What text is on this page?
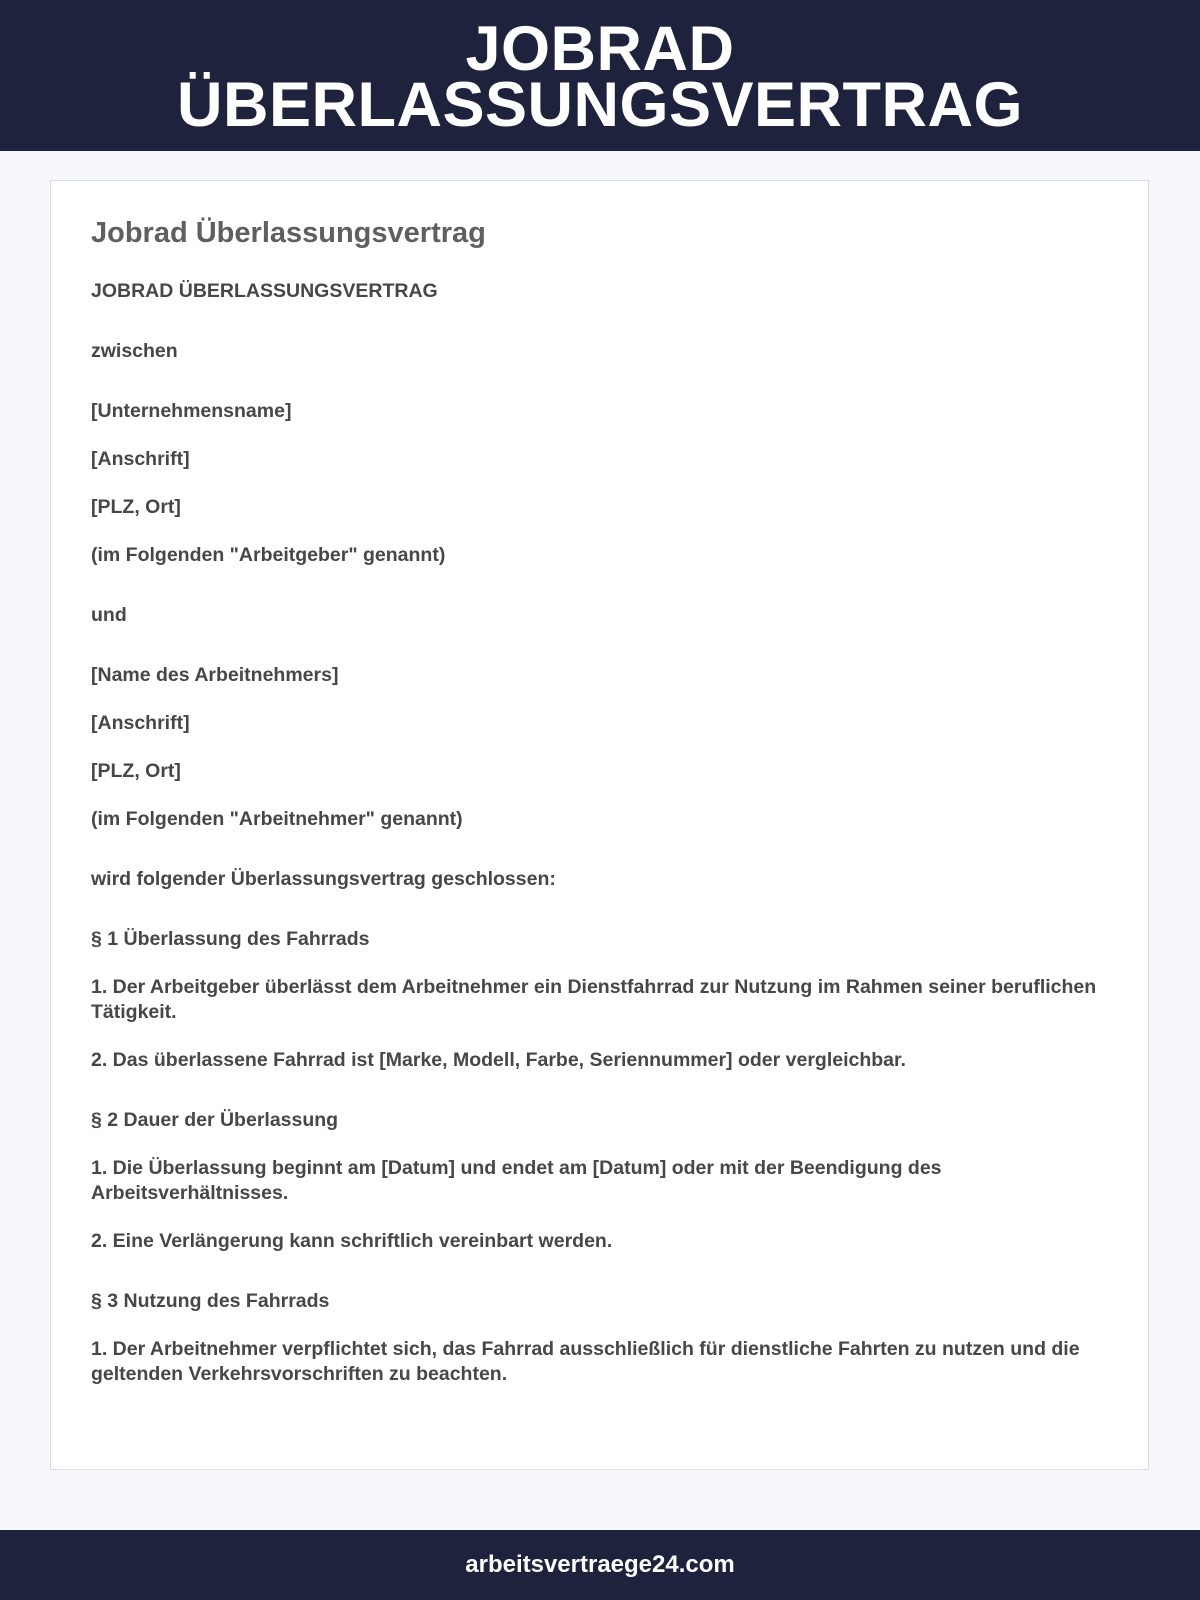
JOBRAD
ÜBERLASSUNGSVERTRAG
Jobrad Überlassungsvertrag

JOBRAD ÜBERLASSUNGSVERTRAG

zwischen

[Unternehmensname]

[Anschrift]

[PLZ, Ort]

(im Folgenden "Arbeitgeber" genannt)

und

[Name des Arbeitnehmers]

[Anschrift]

[PLZ, Ort]

(im Folgenden "Arbeitnehmer" genannt)

wird folgender Überlassungsvertrag geschlossen:

§ 1 Überlassung des Fahrrads

1. Der Arbeitgeber überlässt dem Arbeitnehmer ein Dienstfahrrad zur Nutzung im Rahmen seiner beruflichen Tätigkeit.

2. Das überlassene Fahrrad ist [Marke, Modell, Farbe, Seriennummer] oder vergleichbar.

§ 2 Dauer der Überlassung

1. Die Überlassung beginnt am [Datum] und endet am [Datum] oder mit der Beendigung des Arbeitsverhältnisses.

2. Eine Verlängerung kann schriftlich vereinbart werden.

§ 3 Nutzung des Fahrrads

1. Der Arbeitnehmer verpflichtet sich, das Fahrrad ausschließlich für dienstliche Fahrten zu nutzen und die geltenden Verkehrsvorschriften zu beachten.

arbeitsvertraege24.com
